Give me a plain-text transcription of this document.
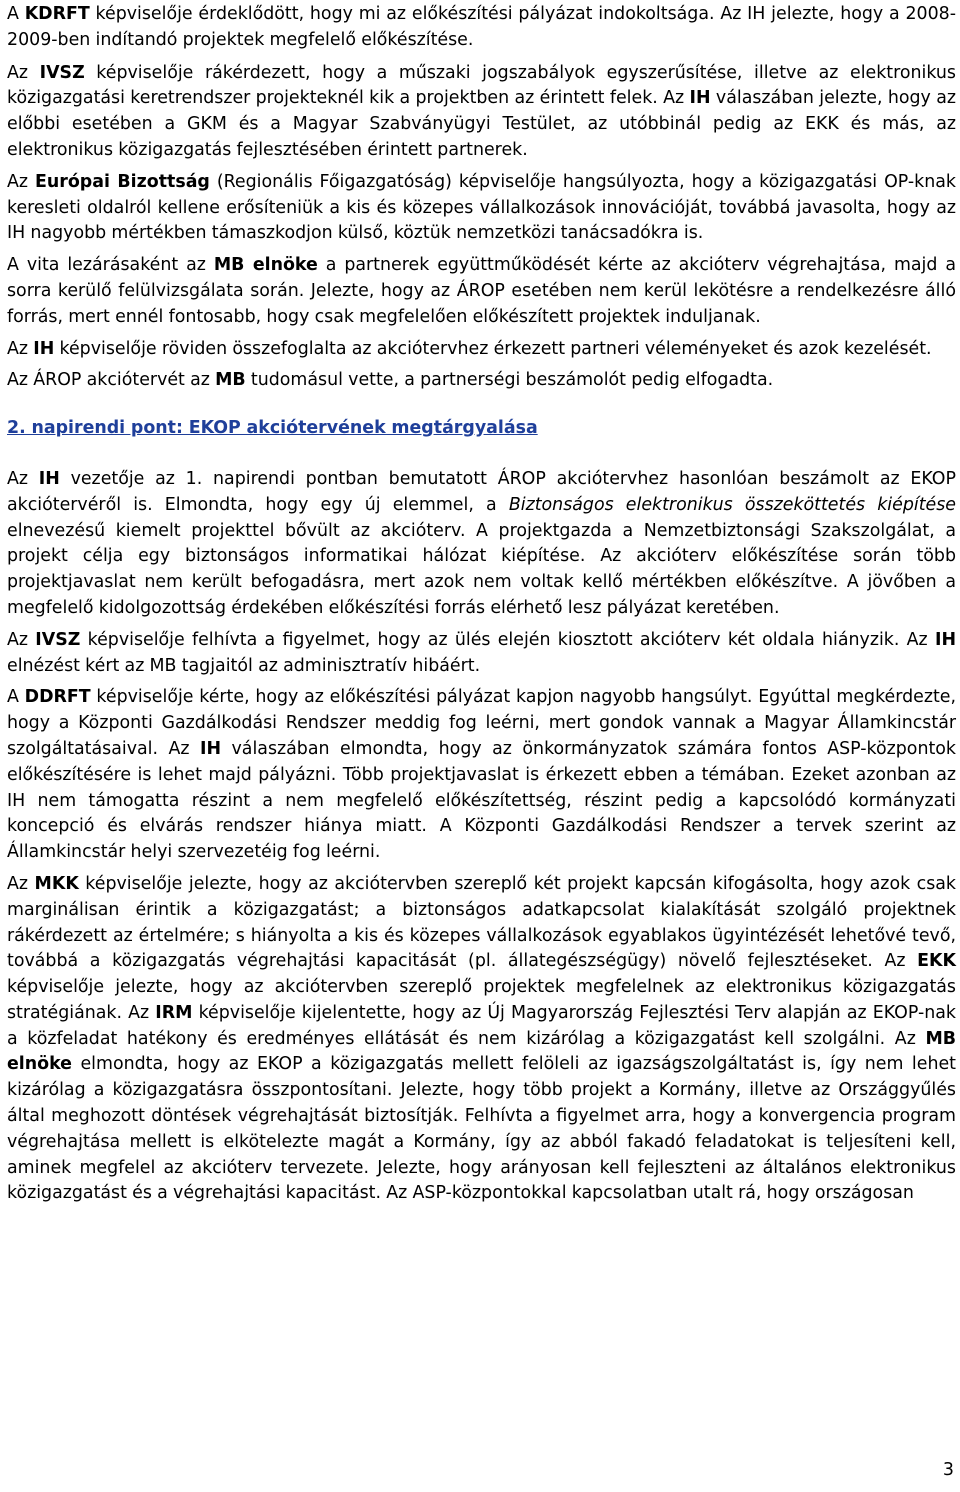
A KDRFT képviselője érdeklődött, hogy mi az előkészítési pályázat indokoltsága. Az IH jelezte, hogy a 2008-2009-ben indítandó projektek megfelelő előkészítése.

Az IVSZ képviselője rákérdezett, hogy a műszaki jogszabályok egyszerűsítése, illetve az elektronikus közigazgatási keretrendszer projekteknél kik a projektben az érintett felek. Az IH válaszában jelezte, hogy az előbbi esetében a GKM és a Magyar Szabványügyi Testület, az utóbbinál pedig az EKK és más, az elektronikus közigazgatás fejlesztésében érintett partnerek.

Az Európai Bizottság (Regionális Főigazgatóság) képviselője hangsúlyozta, hogy a közigazgatási OP-knak keresleti oldalról kellene erősíteniük a kis és közepes vállalkozások innovációját, továbbá javasolta, hogy az IH nagyobb mértékben támaszkodjon külső, köztük nemzetközi tanácsadókra is.

A vita lezárásaként az MB elnöke a partnerek együttműködését kérte az akcióterv végrehajtása, majd a sorra kerülő felülvizsgálata során. Jelezte, hogy az ÁROP esetében nem kerül lekötésre a rendelkezésre álló forrás, mert ennél fontosabb, hogy csak megfelelően előkészített projektek induljanak.

Az IH képviselője röviden összefoglalta az akciótervhez érkezett partneri véleményeket és azok kezelését.

Az ÁROP akciótervét az MB tudomásul vette, a partnerségi beszámolót pedig elfogadta.

2. napirendi pont: EKOP akciótervének megtárgyalása

Az IH vezetője az 1. napirendi pontban bemutatott ÁROP akciótervhez hasonlóan beszámolt az EKOP akciótervéről is. Elmondta, hogy egy új elemmel, a Biztonságos elektronikus összeköttetés kiépítése elnevezésű kiemelt projekttel bővült az akcióterv. A projektgazda a Nemzetbiztonsági Szakszolgálat, a projekt célja egy biztonságos informatikai hálózat kiépítése. Az akcióterv előkészítése során több projektjavaslat nem került befogadásra, mert azok nem voltak kellő mértékben előkészítve. A jövőben a megfelelő kidolgozottság érdekében előkészítési forrás elérhető lesz pályázat keretében.

Az IVSZ képviselője felhívta a figyelmet, hogy az ülés elején kiosztott akcióterv két oldala hiányzik. Az IH elnézést kért az MB tagjaitól az adminisztratív hibáért.

A DDRFT képviselője kérte, hogy az előkészítési pályázat kapjon nagyobb hangsúlyt. Egyúttal megkérdezte, hogy a Központi Gazdálkodási Rendszer meddig fog leérni, mert gondok vannak a Magyar Államkincstár szolgáltatásaival. Az IH válaszában elmondta, hogy az önkormányzatok számára fontos ASP-központok előkészítésére is lehet majd pályázni. Több projektjavaslat is érkezett ebben a témában. Ezeket azonban az IH nem támogatta részint a nem megfelelő előkészítettség, részint pedig a kapcsolódó kormányzati koncepció és elvárás rendszer hiánya miatt. A Központi Gazdálkodási Rendszer a tervek szerint az Államkincstár helyi szervezetéig fog leérni.

Az MKK képviselője jelezte, hogy az akciótervben szereplő két projekt kapcsán kifogásolta, hogy azok csak marginálisan érintik a közigazgatást; a biztonságos adatkapcsolat kialakítását szolgáló projektnek rákérdezett az értelmére; s hiányolta a kis és közepes vállalkozások egyablakos ügyintézését lehetővé tevő, továbbá a közigazgatás végrehajtási kapacitását (pl. állategészségügy) növelő fejlesztéseket. Az EKK képviselője jelezte, hogy az akciótervben szereplő projektek megfelelnek az elektronikus közigazgatás stratégiának. Az IRM képviselője kijelentette, hogy az Új Magyarország Fejlesztési Terv alapján az EKOP-nak a közfeladat hatékony és eredményes ellátását és nem kizárólag a közigazgatást kell szolgálni. Az MB elnöke elmondta, hogy az EKOP a közigazgatás mellett felöleli az igazságszolgáltatást is, így nem lehet kizárólag a közigazgatásra összpontosítani. Jelezte, hogy több projekt a Kormány, illetve az Országgyűlés által meghozott döntések végrehajtását biztosítják. Felhívta a figyelmet arra, hogy a konvergencia program végrehajtása mellett is elkötelezte magát a Kormány, így az abból fakadó feladatokat is teljesíteni kell, aminek megfelel az akcióterv tervezete. Jelezte, hogy arányosan kell fejleszteni az általános elektronikus közigazgatást és a végrehajtási kapacitást. Az ASP-központokkal kapcsolatban utalt rá, hogy országosan

3
